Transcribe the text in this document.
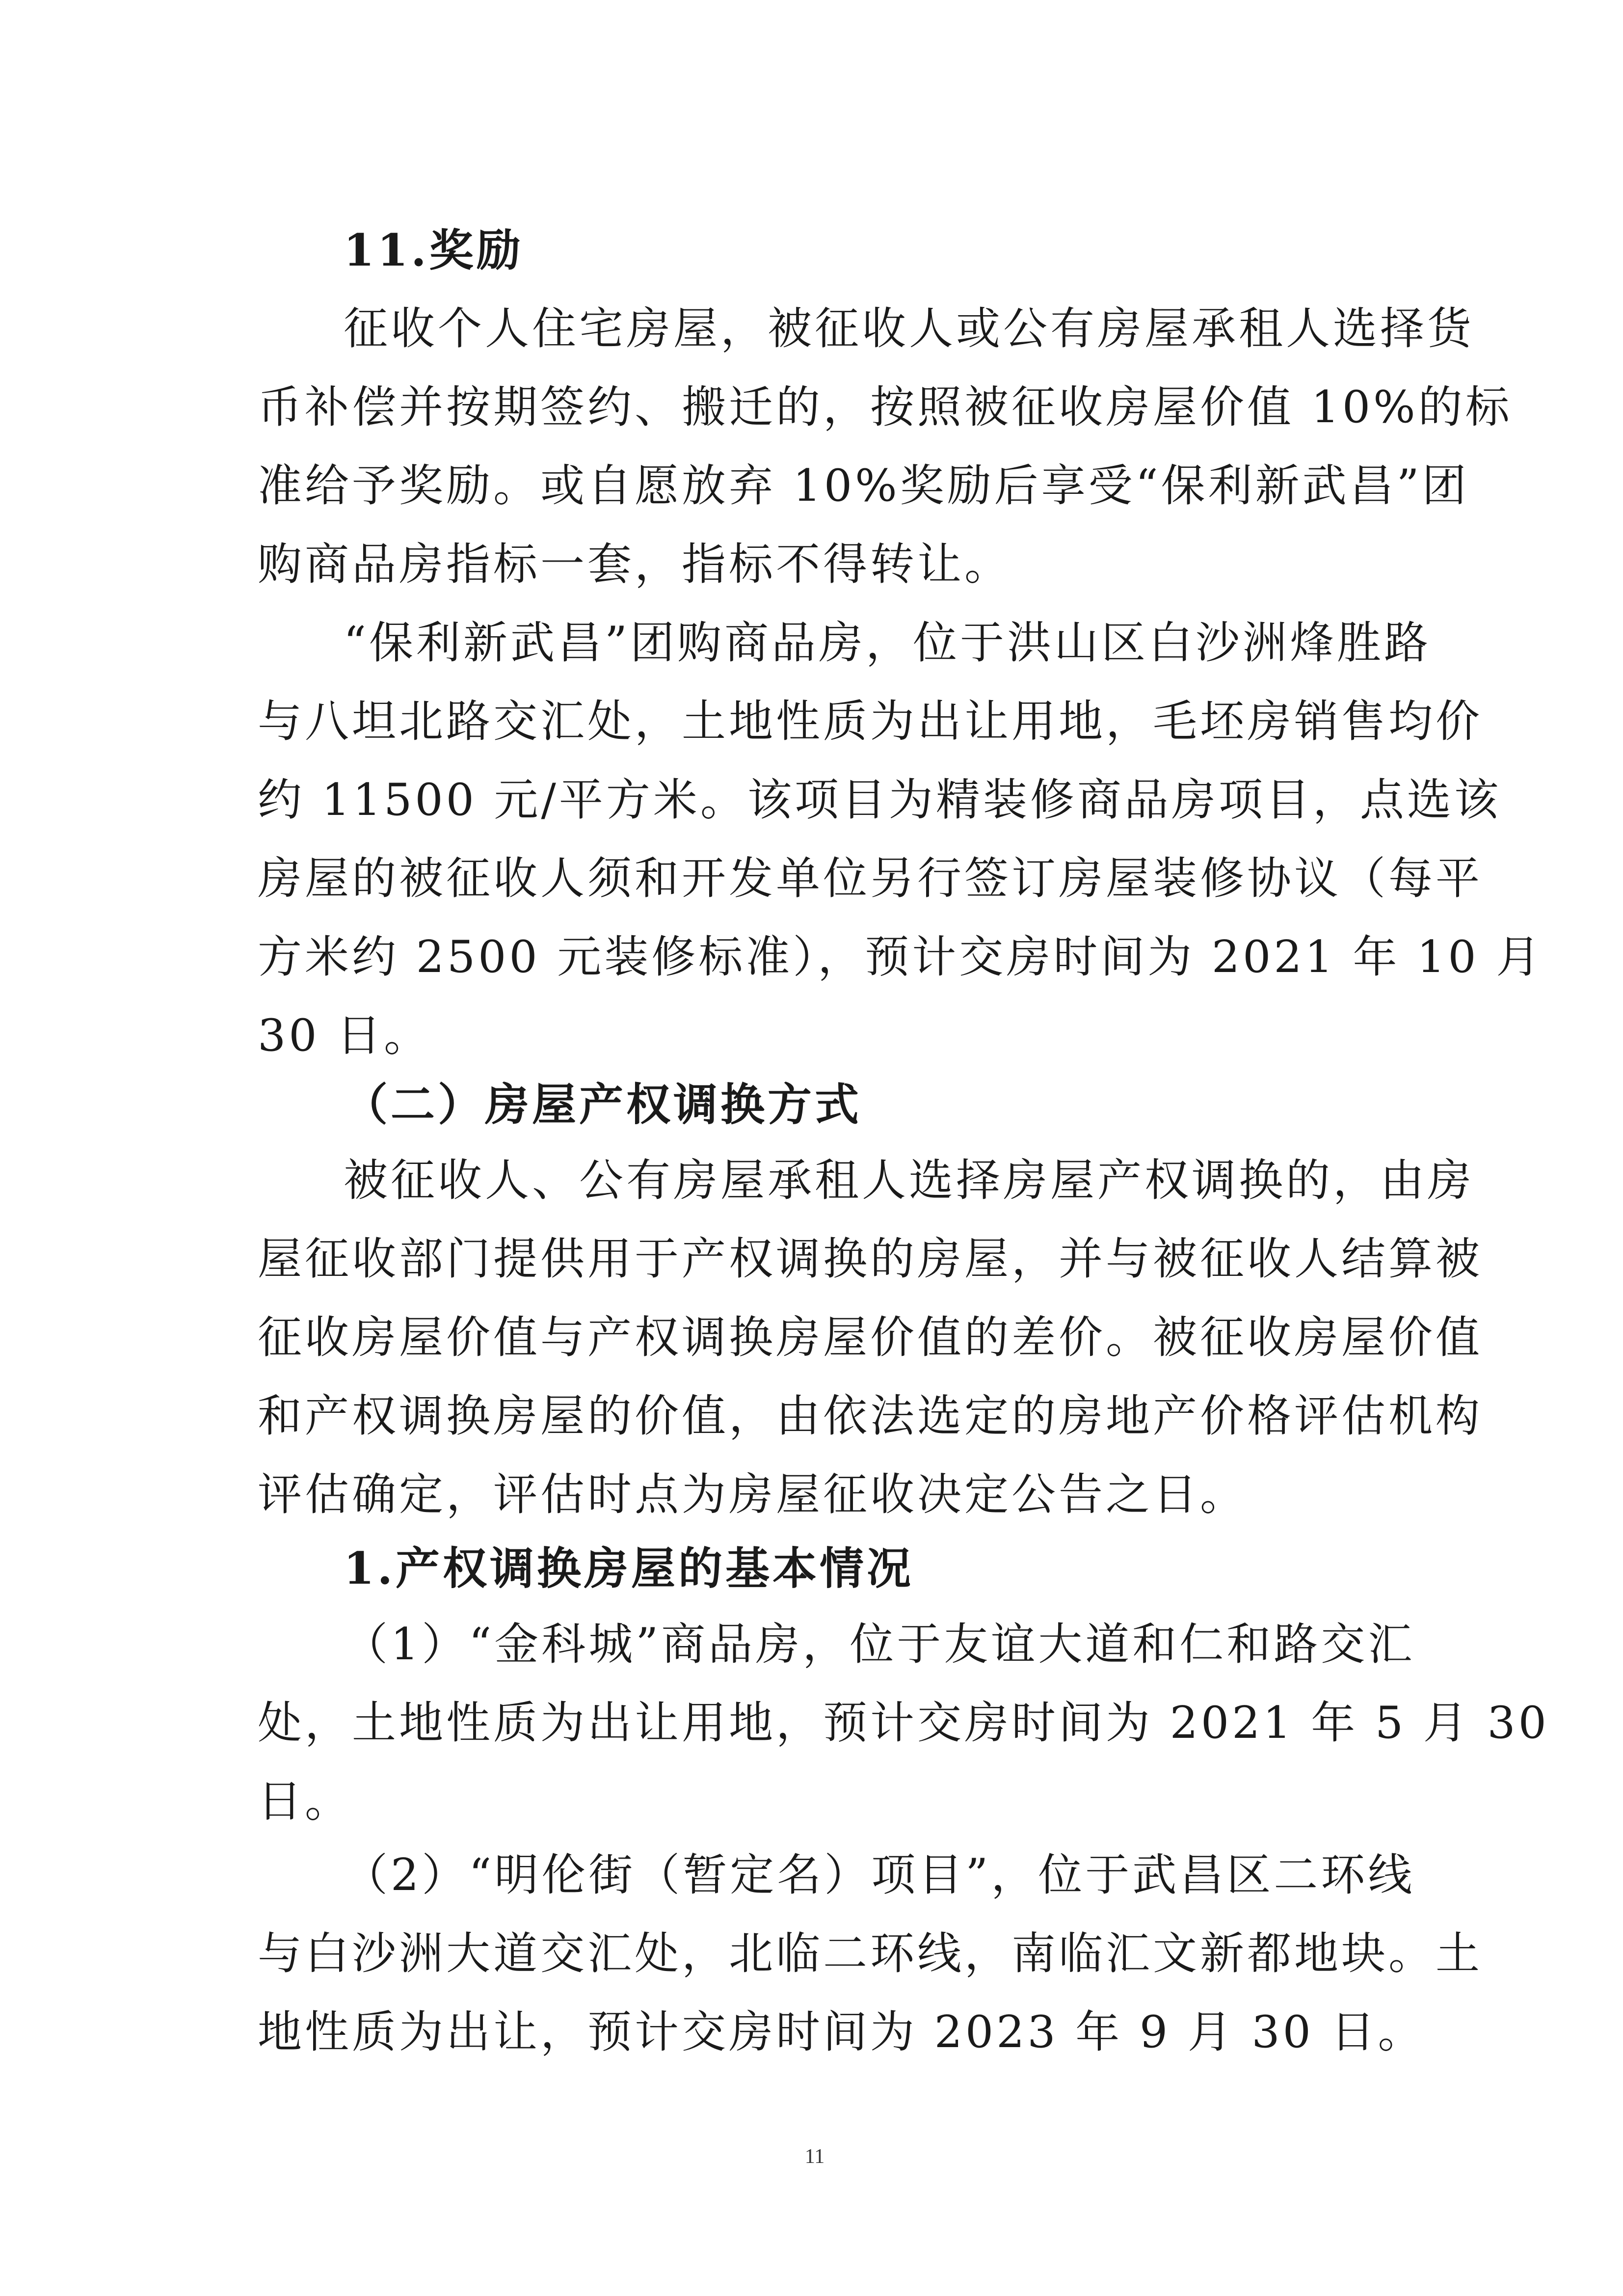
11.奖励
征收个人住宅房屋，被征收人或公有房屋承租人选择货
币补偿并按期签约、搬迁的，按照被征收房屋价值 10%的标
准给予奖励。或自愿放弃 10%奖励后享受“保利新武昌”团
购商品房指标一套，指标不得转让。
“保利新武昌”团购商品房，位于洪山区白沙洲烽胜路
与八坦北路交汇处，土地性质为出让用地，毛坯房销售均价
约 11500 元/平方米。该项目为精装修商品房项目，点选该
房屋的被征收人须和开发单位另行签订房屋装修协议（每平
方米约 2500 元装修标准），预计交房时间为 2021 年 10 月
30 日。
（二）房屋产权调换方式
被征收人、公有房屋承租人选择房屋产权调换的，由房
屋征收部门提供用于产权调换的房屋，并与被征收人结算被
征收房屋价值与产权调换房屋价值的差价。被征收房屋价值
和产权调换房屋的价值，由依法选定的房地产价格评估机构
评估确定，评估时点为房屋征收决定公告之日。
1.产权调换房屋的基本情况
（1）“金科城”商品房，位于友谊大道和仁和路交汇
处，土地性质为出让用地，预计交房时间为 2021 年 5 月 30
日。
（2）“明伦街（暂定名）项目”，位于武昌区二环线
与白沙洲大道交汇处，北临二环线，南临汇文新都地块。土
地性质为出让，预计交房时间为 2023 年 9 月 30 日。
11
